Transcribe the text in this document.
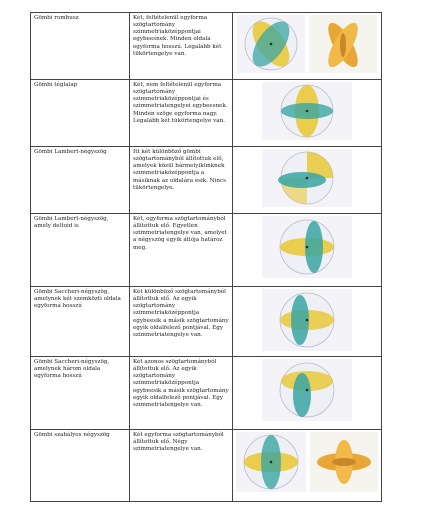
Gömbi rombusz	Két, feltételenül egyforma szögtartomány szimmetriaközéppontjai egybeesnek. Minden oldala egyforma hosszú. Legalább két tükörtengelye van.	

Gömbi téglalap	Két, nem feltételenül egyforma szögtartomány szimmetriaközéppontjai és szimmetriatengelyei egybeesnek. Minden szöge egyforma nagy. Legalább két tükörtengelye van.	

Gömbi Lambert-négyszög	Itt két különböző gömbi szögtartományból állítottuk elő, amelyek közül bármelyikünknek szimmetriaközéppontja a másiknak az oldalára esik. Nincs tükörtengelye.	

Gömbi Lambert-négyszög, amely deltoid is	Két, egyforma szögtartományból állítottuk elő. Egyetlen szimmetriatengelye van, amelyet a négyszög egyik átlója határoz meg.	

Gömbi Saccheri-négyszög, amelynek két szemközti oldala egyforma hosszú	Két különböző szögtartományból állítottuk elő. Az egyik szögtartomány szimmetriaközéppontja egybeesik a másik szögtartomány egyik oldalfelező pontjával. Egy szimmetriatengelye van.	

Gömbi Saccheri-négyszög, amelynek három oldala egyforma hosszú	Két azonos szögtartományból állítottuk elő. Az egyik szögtartomány szimmetriaközéppontja egybeesik a másik szögtartomány egyik oldalfelező pontjával. Egy szimmetriatengelye van.	

Gömbi szabályos négyszög	Két egyforma szögtartományból állítottuk elő. Négy szimmetriatengelye van.	
